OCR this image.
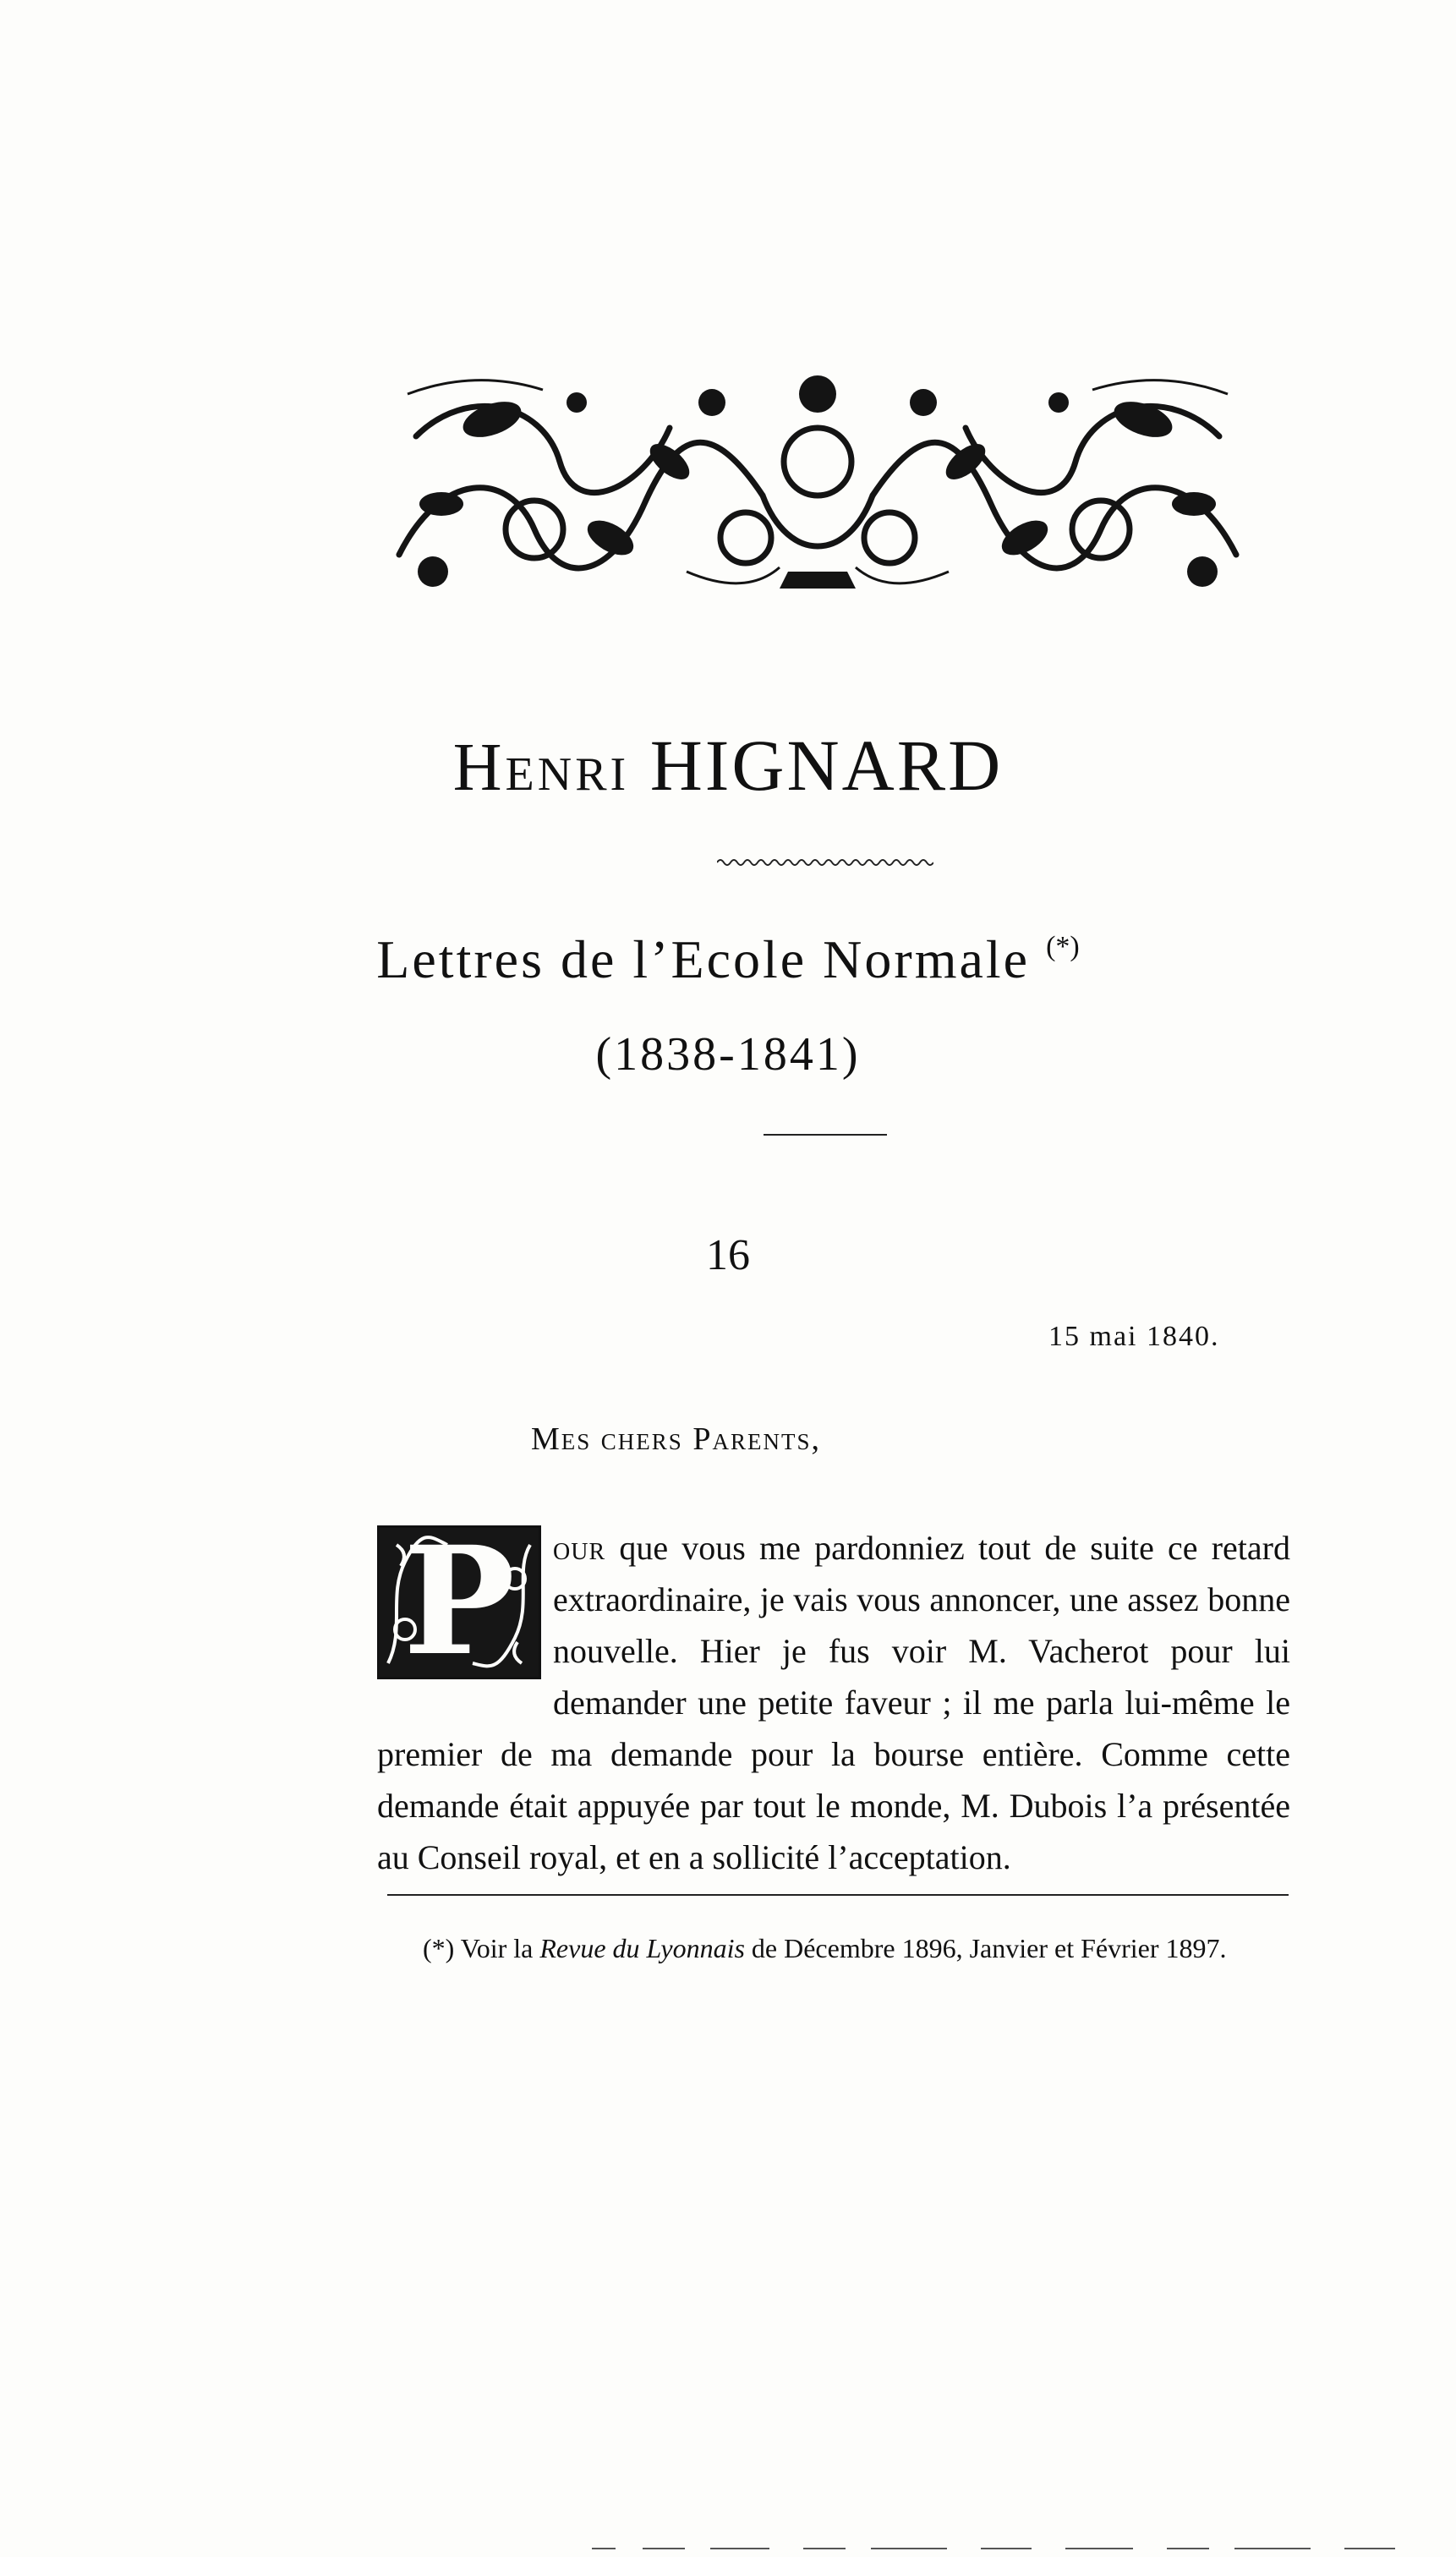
Henri HIGNARD
Lettres de l’Ecole Normale (*)
(1838-1841)
16
15 mai 1840.
Mes chers Parents,
P	our que vous me pardonniez tout de suite ce retard extraordinaire, je vais vous annoncer, une assez bonne nouvelle. Hier je fus voir M. Vacherot pour lui demander une petite faveur ; il me parla lui-même le premier de ma demande pour la bourse entière. Comme cette demande était appuyée par tout le monde, M. Dubois l’a présentée au Conseil royal, et en a sollicité l’acceptation.

(*) Voir la Revue du Lyonnais de Décembre 1896, Janvier et Février 1897.
